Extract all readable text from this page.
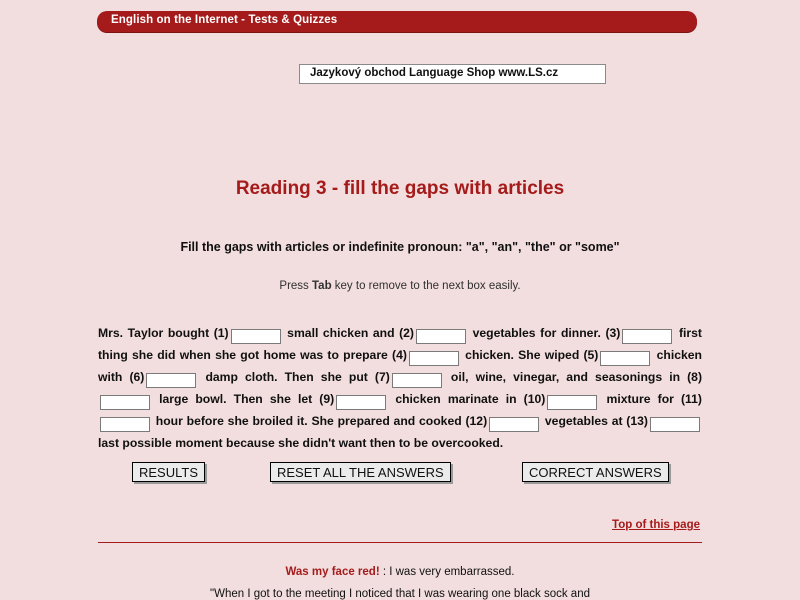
English on the Internet - Tests & Quizzes
Jazykový obchod Language Shop www.LS.cz
Reading 3 - fill the gaps with articles
Fill the gaps with articles or indefinite pronoun: "a", "an", "the" or "some"
Press Tab key to remove to the next box easily.
Mrs. Taylor bought (1)	small chicken and (2)	vegetables for dinner. (3)	first thing she did when she got home was to prepare (4)	chicken. She wiped (5)	chicken with (6)	damp cloth. Then she put (7)	oil, wine, vinegar, and seasonings in (8) large bowl. Then she let (9)	chicken marinate in (10)	mixture for (11) hour before she broiled it. She prepared and cooked (12)	vegetables at (13) last possible moment because she didn't want then to be overcooked.
RESULTS	RESET ALL THE ANSWERS	CORRECT ANSWERS
Top of this page
Was my face red! : I was very embarrassed.
"When I got to the meeting I noticed that I was wearing one black sock and
